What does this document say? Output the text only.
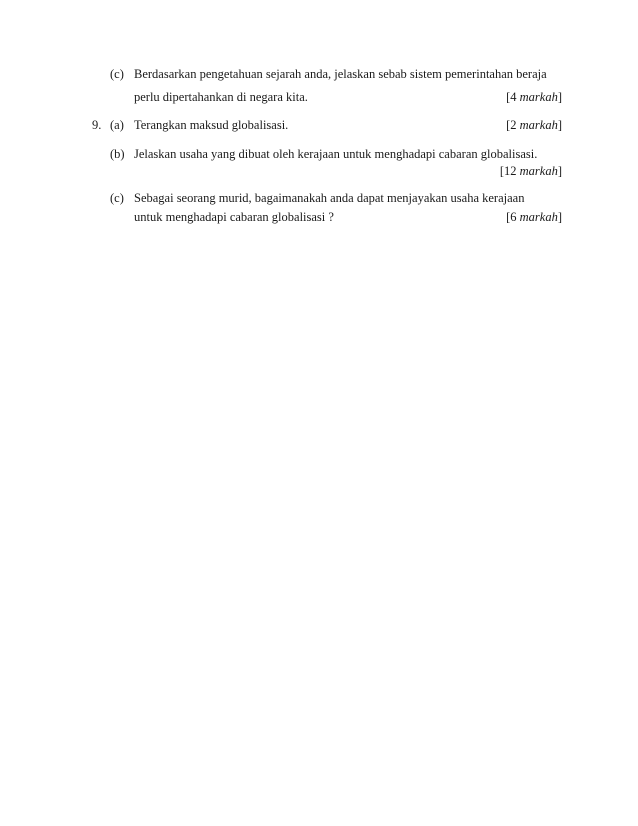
(c) Berdasarkan pengetahuan sejarah anda, jelaskan sebab sistem pemerintahan beraja
perlu dipertahankan di negara kita.	[4 markah]
9. (a) Terangkan maksud globalisasi.	[2 markah]
(b) Jelaskan usaha yang dibuat oleh kerajaan untuk menghadapi cabaran globalisasi.
[12 markah]
(c) Sebagai seorang murid, bagaimanakah anda dapat menjayakan usaha kerajaan
untuk menghadapi cabaran globalisasi ?	[6 markah]
